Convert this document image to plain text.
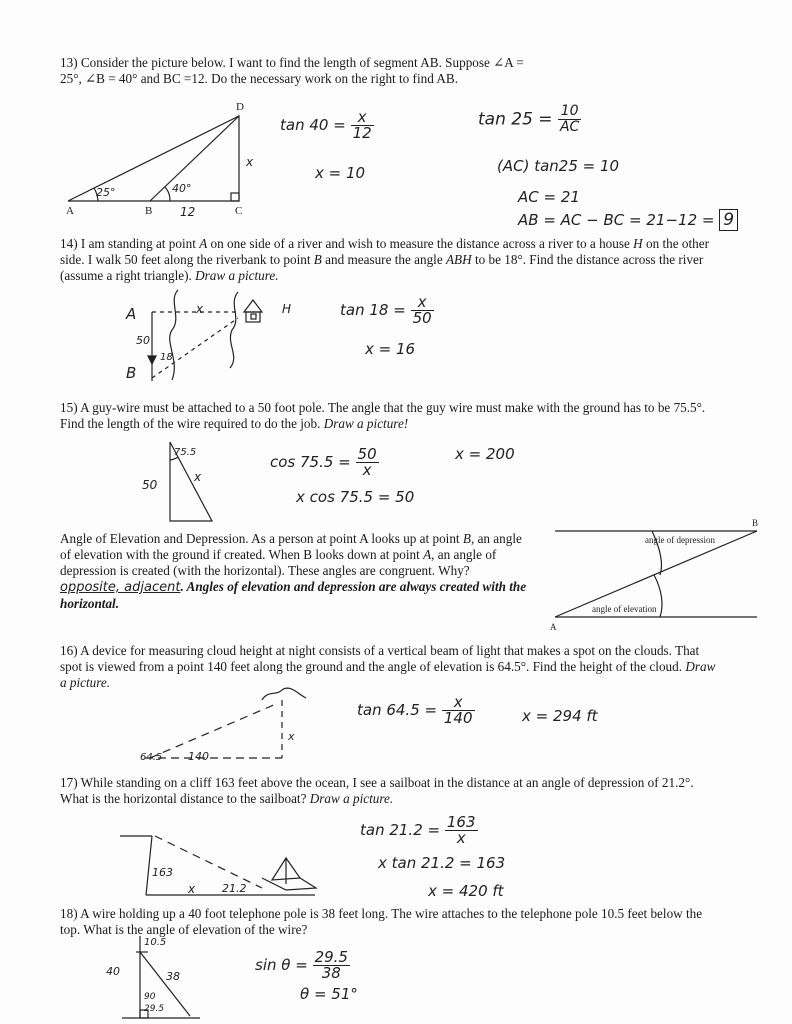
13) Consider the picture below. I want to find the length of segment AB. Suppose ∠A = 25°, ∠B = 40° and BC =12. Do the necessary work on the right to find AB.
A	B	C
D
x
25°	40°
12
$\tan 40 = \frac{x}{12}$
x = 10
$\tan 25 = \frac{10}{AC}$
(AC) tan25 = 10
AC = 21
AB = AC − BC = 21−12 = 9
14) I am standing at point A on one side of a river and wish to measure the distance across a river to a house H on the other side. I walk 50 feet along the riverbank to point B and measure the angle ABH to be 18°. Find the distance across the river (assume a right triangle). Draw a picture.
A
B
H
x
50
18
$\tan 18 = \frac{x}{50}$
x = 16
15) A guy-wire must be attached to a 50 foot pole. The angle that the guy wire must make with the ground has to be 75.5°. Find the length of the wire required to do the job. Draw a picture!
75.5
x
50
$\cos 75.5 = \frac{50}{x}$
x cos 75.5 = 50
x = 200
Angle of Elevation and Depression. As a person at point A looks up at point B, an angle of elevation with the ground if created. When B looks down at point A, an angle of depression is created (with the horizontal). These angles are congruent. Why?opposite, adjacent. Angles of elevation and depression are always created with the horizontal.
angle of depression
angle of elevation
A
B
16) A device for measuring cloud height at night consists of a vertical beam of light that makes a spot on the clouds. That spot is viewed from a point 140 feet along the ground and the angle of elevation is 64.5°. Find the height of the cloud. Draw a picture.
64.5 140
x
$\tan 64.5 = \frac{x}{140}$	x = 294 ft
17) While standing on a cliff 163 feet above the ocean, I see a sailboat in the distance at an angle of depression of 21.2°. What is the horizontal distance to the sailboat? Draw a picture.
163
x 21.2
$\tan 21.2 = \frac{163}{x}$
x tan 21.2 = 163
x = 420 ft
18) A wire holding up a 40 foot telephone pole is 38 feet long. The wire attaches to the telephone pole 10.5 feet below the top. What is the angle of elevation of the wire?
10.5
40	38
90
29.5
$\sin \theta = \frac{29.5}{38}$
θ = 51°
